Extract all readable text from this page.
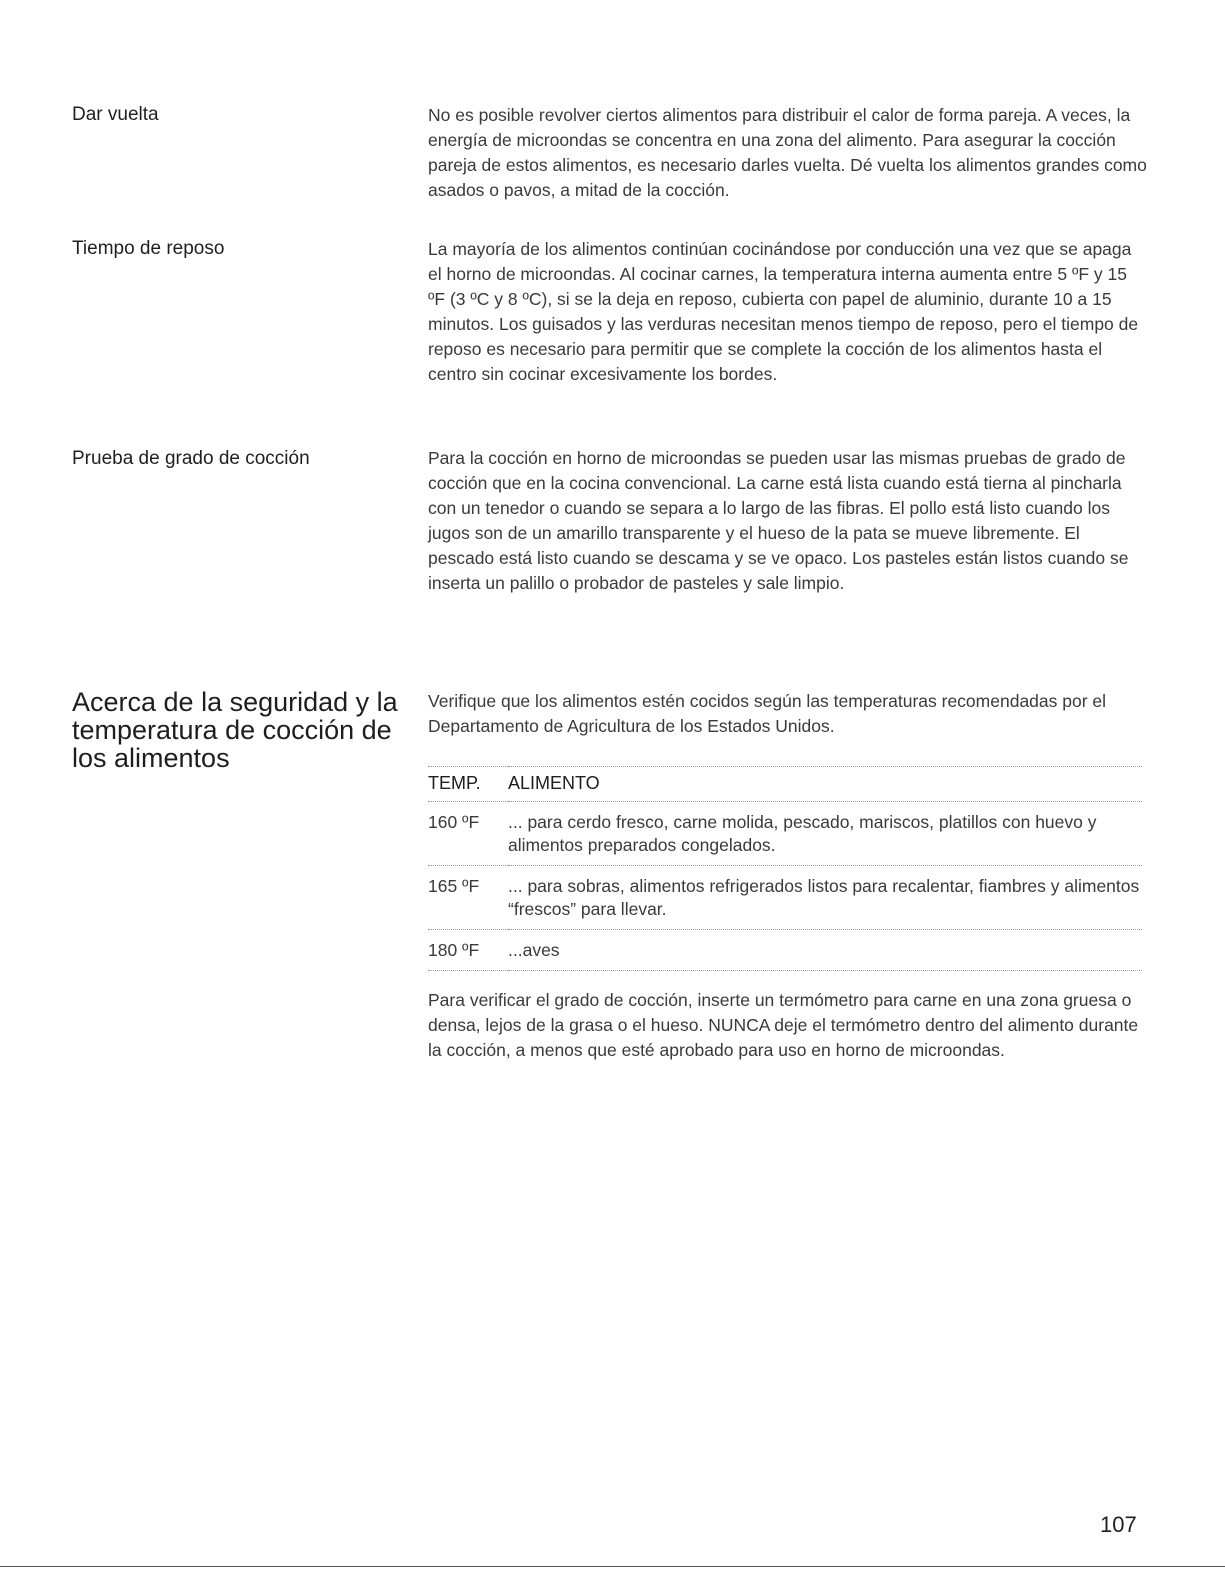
Dar vuelta	No es posible revolver ciertos alimentos para distribuir el calor de forma pareja. A veces, la energía de microondas se concentra en una zona del alimento. Para asegurar la cocción pareja de estos alimentos, es necesario darles vuelta. Dé vuelta los alimentos grandes como asados o pavos, a mitad de la cocción.

Tiempo de reposo	La mayoría de los alimentos continúan cocinándose por conducción una vez que se apaga el horno de microondas. Al cocinar carnes, la temperatura interna aumenta entre 5 ºF y 15 ºF (3 ºC y 8 ºC), si se la deja en reposo, cubierta con papel de aluminio, durante 10 a 15 minutos. Los guisados y las verduras necesitan menos tiempo de reposo, pero el tiempo de reposo es necesario para permitir que se complete la cocción de los alimentos hasta el centro sin cocinar excesivamente los bordes.

Prueba de grado de cocción	Para la cocción en horno de microondas se pueden usar las mismas pruebas de grado de cocción que en la cocina convencional. La carne está lista cuando está tierna al pincharla con un tenedor o cuando se separa a lo largo de las fibras. El pollo está listo cuando los jugos son de un amarillo transparente y el hueso de la pata se mueve libremente. El pescado está listo cuando se descama y se ve opaco. Los pasteles están listos cuando se inserta un palillo o probador de pasteles y sale limpio.

Acerca de la seguridad y la temperatura de cocción de los alimentos

Verifique que los alimentos estén cocidos según las temperaturas recomendadas por el Departamento de Agricultura de los Estados Unidos.

TEMP.	ALIMENTO
160 ºF	... para cerdo fresco, carne molida, pescado, mariscos, platillos con huevo y alimentos preparados congelados.
165 ºF	... para sobras, alimentos refrigerados listos para recalentar, fiambres y alimentos “frescos” para llevar.
180 ºF	...aves

Para verificar el grado de cocción, inserte un termómetro para carne en una zona gruesa o densa, lejos de la grasa o el hueso. NUNCA deje el termómetro dentro del alimento durante la cocción, a menos que esté aprobado para uso en horno de microondas.

107
